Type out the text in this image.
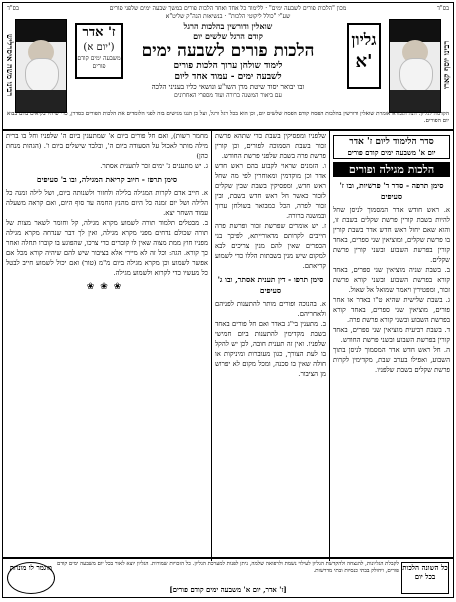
בס"ד	בס"ד
רבינו משה איסרליש	רבינו יוסף קארו
ז' אדר
(יום א')
משבעה ימים קודם פורים
גליון
א'
מכון "הלכות פורים לשבעה ימים" · ללימוד כל אחד ואחד הלכות פורים במשך שבעה ימים שלפני פורים
שע"י "כולל ליקוטי הלכות" · בנשיאות הגה"ק שליט"א
שואלין ודורשין בהלכות הרגל
קודם הרגל שלשים יום
הלכות פורים לשבעה ימים
לימוד שולחן ערוך הלכות פורים
לשבעה ימים - עמוד אחד ליום
ובו יבואר יסוד שיטת מרן השו"ע ונושאי כליו בעניני הלכה
עם ביאור המשנה ברורה ועוד מספרי האחרונים
הקדמה לגליון: הנה הגמרא אומרת שואלין ודורשין בהלכות הפסח קודם הפסח שלשים יום, וכן הוא בכל רגל ורגל, ועל כן הננו מגישים בזה לפני הלומדים את הלכות הפורים כסדרן, כדי שיהיו בקיאים בהם בבוא יום הפורים.
סדר הלימוד ליום ז' אדר
יום א' משבעה ימים קודם פורים
הלכות מגילה ופורים
סימן תרפה - סדר ד' פרשיות, ובו ז' סעיפים
א. ראש חודש אדר המסמוך לניסן שחל להיות בשבת קורין פרשת שקלים בשבת זו, והוא שאם יחול ראש חדש אדר בשבת קורין בו פרשת שקלים, ומוציאין שני ספרים, באחד קורין בפרשת השבוע ובשני קורין פרשת שקלים.
ב. בשבת שניה מוציאין שני ספרים, באחד קורא בפרשת השבוע ובשני קורא פרשת זכור, ומפטירין ויאמר שמואל אל שאול.
ג. בשבת שלישית שהיא ט"ו באדר או אחר פורים, מוציאין שני ספרים, באחד קורא בפרשת השבוע ובשני קורא פרשת פרה.
ד. בשבת רביעית מוציאין שני ספרים, באחד קורין בפרשת השבוע ובשני פרשת החודש.
ה. חל ראש חדש אדר המסמוך לניסן בתוך השבוע, ואפילו בערב שבת, מקדימין לקרות פרשת שקלים בשבת שלפניו.
שלפניו ומפסיקין בשבת כדי שתהא פרשת זכור בשבת הסמוכה לפורים, וכן קורין פרשת פרה בשבת שלפני פרשת החודש.
ו. הזמנים שראוי לקבוע בהם ראש חדש אדר וכן מוקדמין ומאוחרין לפי מה שחל ראש חדש, ומפסיקין בשבת שבין שקלים לזכור כאשר חל ראש חדש בשבת, ובין זכור לפרה, הכל כמבואר בשולחן ערוך ובמשנה ברורה.
ז. יש אומרים שפרשת זכור ופרשת פרה חייבים לקרותם מדאורייתא, לפיכך בני הכפרים שאין להם מנין צריכים לבא למקום שיש מנין בשבתות הללו כדי לשמוע קריאתם.
סימן תרפו - דין תענית אסתר, ובו ג' סעיפים
א. בהנוכה ופורים מותר להתענות לפניהם ולאחריהם.
ב. מתענין בי"ג באדר ואם חל פורים באחד בשבת מקדימין להתענות ביום חמישי שלפניו. ואין זה תענית חובה, לכן יש להקל בו לעת הצורך, כגון מעוברות ומיניקות או חולה שאין בו סכנה, ומכל מקום לא יפרוש מן הציבור.
מחמר רשות), ואם חל פורים ביום א' שמתענין ביום ה' שלפניו וחל בו ברית מילה מותר לאכול על הסעודה ביום ה', ובלבד שישלים ביום ו'. (הגהות מנחת כהן)
ג. יש מתענים ג' ימים זכר לתענית אסתר.
סימן תרפז - חיוב קריאת המגילה, ובו ב' סעיפים
א. חייב אדם לקרות המגילה בלילה ולחזור ולשנותה ביום, ושל לילה זמנה כל הלילה ושל יום זמנה כל היום מהנץ החמה עד סוף היום, ואם קראה משעלה עמוד השחר יצא.
ב. מבטלים תלמוד תורה לשמוע מקרא מגילה, קל וחומר לשאר מצות של תורה שכולם נדחים מפני מקרא מגילה, ואין לך דבר שנדחה מקרא מגילה מפניו חוץ ממת מצוה שאין לו קוברים כדי צרכו, שהפוגע בו קוברו תחלה ואחר כך קורא. הגה: וכל זה לא מיירי אלא בציבור שיש להם שיהיה קורא מכל אם אפשר לשמוע וכן מקרא מגילה ביום מ"מ (טור) ואם יכול לשמוע חייב לבטל כל מעשיו כדי לקרוא ולשמוע מגילה.
❀❀❀
מוגמר לו מונחת לקבלת הגליונות, להנצחה ולהקדשת הגליון לעילוי נשמת ולרפואה שלמה, ניתן לפנות למערכת הגליון. כל הזכויות שמורות. הגליון יוצא לאור בכל יום משבעה ימים קודם פורים, ויחולק בבתי כנסיות ובתי מדרשות.
[ז' אדר, יום א' משבעה ימים קודם פורים]
כל השונה הלכות בכל יום
